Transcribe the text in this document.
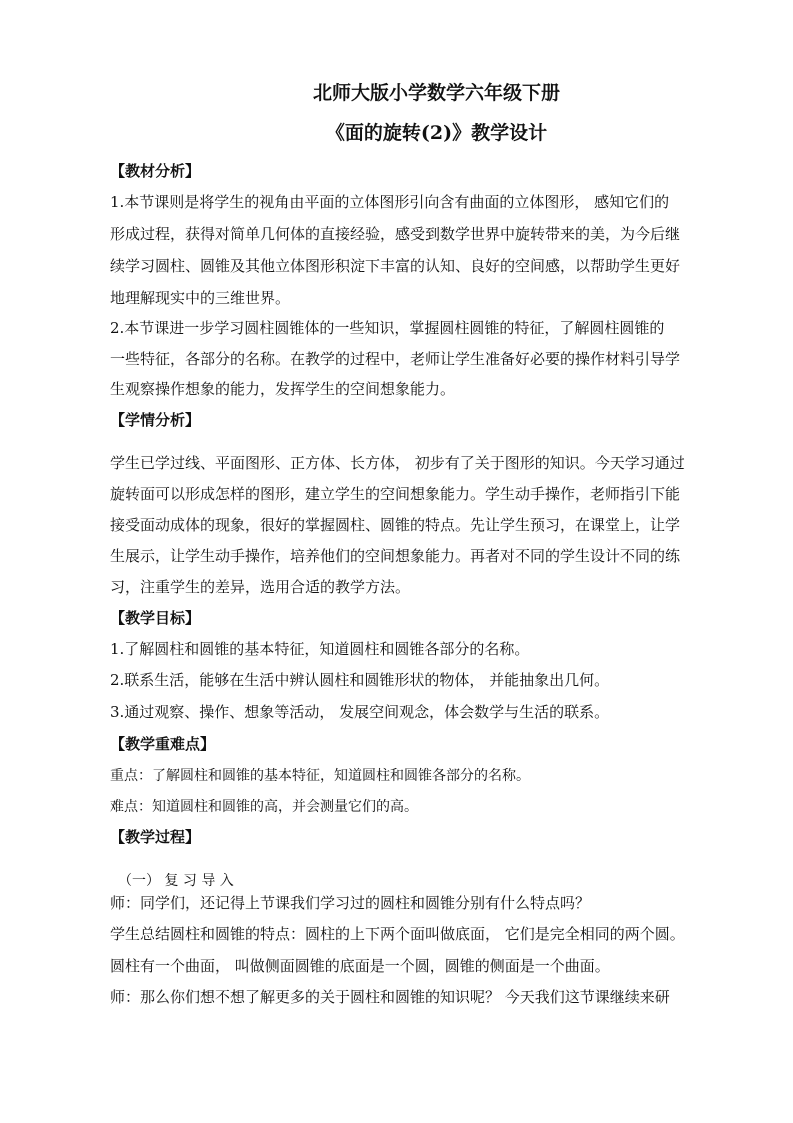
北师大版小学数学六年级下册
《面的旋转(2)》教学设计
【教材分析】
1.本节课则是将学生的视角由平面的立体图形引向含有曲面的立体图形， 感知它们的
形成过程，获得对简单几何体的直接经验，感受到数学世界中旋转带来的美，为今后继
续学习圆柱、圆锥及其他立体图形积淀下丰富的认知、良好的空间感，以帮助学生更好
地理解现实中的三维世界。
2.本节课进一步学习圆柱圆锥体的一些知识，掌握圆柱圆锥的特征，了解圆柱圆锥的
一些特征，各部分的名称。在教学的过程中，老师让学生准备好必要的操作材料引导学
生观察操作想象的能力，发挥学生的空间想象能力。
【学情分析】
学生已学过线、平面图形、正方体、长方体， 初步有了关于图形的知识。今天学习通过
旋转面可以形成怎样的图形，建立学生的空间想象能力。学生动手操作，老师指引下能
接受面动成体的现象，很好的掌握圆柱、圆锥的特点。先让学生预习，在课堂上，让学
生展示，让学生动手操作，培养他们的空间想象能力。再者对不同的学生设计不同的练
习，注重学生的差异，选用合适的教学方法。
【教学目标】
1.了解圆柱和圆锥的基本特征，知道圆柱和圆锥各部分的名称。
2.联系生活，能够在生活中辨认圆柱和圆锥形状的物体， 并能抽象出几何。
3.通过观察、操作、想象等活动， 发展空间观念，体会数学与生活的联系。
【教学重难点】
重点：了解圆柱和圆锥的基本特征，知道圆柱和圆锥各部分的名称。
难点：知道圆柱和圆锥的高，并会测量它们的高。
【教学过程】
（一） 复 习 导 入
师：同学们，还记得上节课我们学习过的圆柱和圆锥分别有什么特点吗？
学生总结圆柱和圆锥的特点：圆柱的上下两个面叫做底面， 它们是完全相同的两个圆。
圆柱有一个曲面， 叫做侧面圆锥的底面是一个圆，圆锥的侧面是一个曲面。
师：那么你们想不想了解更多的关于圆柱和圆锥的知识呢？ 今天我们这节课继续来研
